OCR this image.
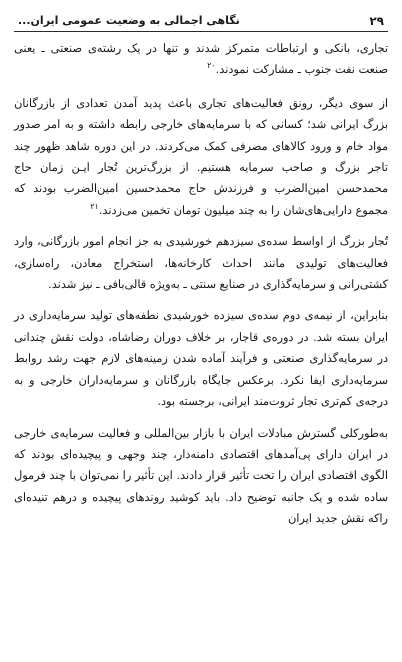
۲۹
نگاهی اجمالی به وضعیت عمومی ایران...

تجاری، بانکی و ارتباطات متمرکز شدند و تنها در یک رشته‌ی صنعتی ـ یعنی صنعت نفت جنوب ـ مشارکت نمودند.$^{۲۰}$

از سوی دیگر، رونق فعالیت‌های تجاری باعث پدید آمدن تعدادی از بازرگانان بزرگ ایرانی شد؛ کسانی که با سرمایه‌های خارجی رابطه داشته و به امر صدور مواد خام و ورود کالاهای مصرفی کمک می‌کردند. در این دوره شاهد ظهور چند تاجر بزرگ و صاحب سرمایه هستیم. از بزرگ‌ترین تُجار ایـن زمان حاج محمدحسن امین‌الضرب و فرزندش حاج محمدحسین امین‌الضرب بودند که مجموع دارایی‌های‌شان را به چند میلیون تومان تخمین می‌زدند.$^{۲۱}$

تُجار بزرگ از اواسط سده‌ی سیزدهم خورشیدی به جز انجام امور بازرگانی، وارد فعالیت‌های تولیدی مانند احداث کارخانه‌ها، استخراج معادن، راه‌سازی، کشتی‌رانی و سرمایه‌گذاری در صنایع سنتی ـ به‌ویژه قالی‌بافی ـ نیز شدند.

بنابراین، از نیمه‌ی دوم سده‌ی سیزده خورشیدی نطفه‌های تولید سرمایه‌داری در ایران بسته شد. در دوره‌ی قاجار، بر خلاف دوران رضاشاه، دولت نقش چندانی در سرمایه‌گذاری صنعتی و فرآیند آماده شدن زمینه‌های لازم جهت رشد روابط سرمایه‌داری ایفا نکرد. برعکس جایگاه بازرگانان و سرمایه‌داران خارجی و به درجه‌ی کم‌تری تجار ثروت‌مند ایرانی، برجسته بود.

به‌طورکلی گسترش مبادلات ایران با بازار بین‌المللی و فعالیت سرمایه‌ی خارجی در ایران دارای پی‌آمدهای اقتصادی دامنه‌دار، چند وجهی و پیچیده‌ای بودند که الگوی اقتصادی ایران را تحت تأثیر قرار دادند. این تأثیر را نمی‌توان با چند فرمول ساده شده و یک جانبه توضیح داد. باید کوشید روندهای پیچیده و درهم تنیده‌ای راکه نقش جدید ایران
